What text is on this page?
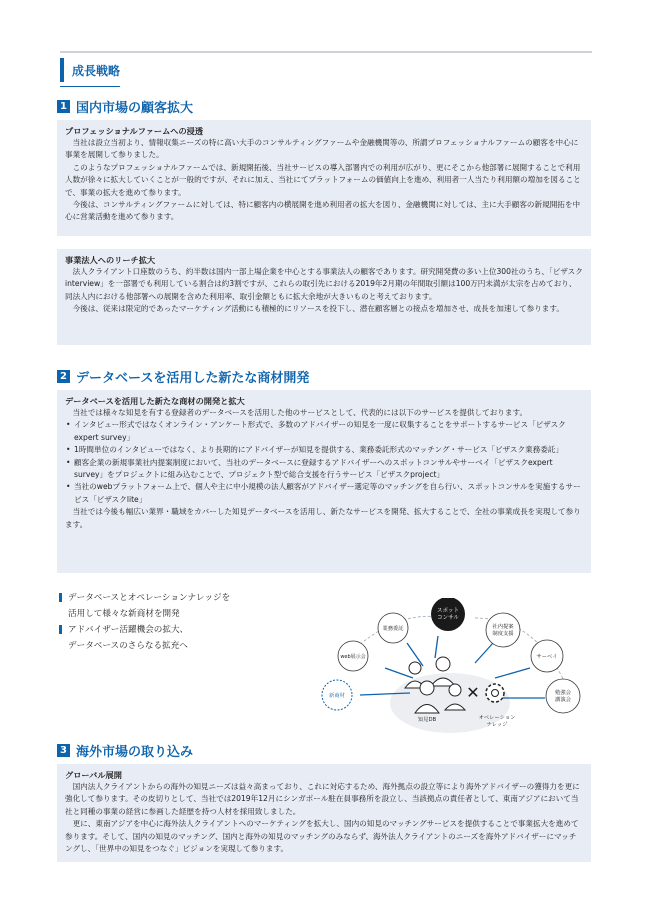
成長戦略
1 国内市場の顧客拡大
プロフェッショナルファームへの浸透

当社は設立当初より、情報収集ニーズの特に高い大手のコンサルティングファームや金融機関等の、所謂プロフェッショナルファームの顧客を中心に事業を展開して参りました。

このようなプロフェッショナルファームでは、新規開拓後、当社サービスの導入部署内での利用が広がり、更にそこから他部署に展開することで利用人数が徐々に拡大していくことが一般的ですが、それに加え、当社にてプラットフォームの価値向上を進め、利用者一人当たり利用額の増加を図ることで、事業の拡大を進めて参ります。

今後は、コンサルティングファームに対しては、特に顧客内の横展開を進め利用者の拡大を図り、金融機関に対しては、主に大手顧客の新規開拓を中心に営業活動を進めて参ります。

事業法人へのリーチ拡大

法人クライアント口座数のうち、約半数は国内一部上場企業を中心とする事業法人の顧客であります。研究開発費の多い上位300社のうち、「ビザスクinterview」を一部署でも利用している割合は約3割ですが、これらの取引先における2019年2月期の年間取引額は100万円未満が太宗を占めており、同法人内における他部署への展開を含めた利用率、取引金額ともに拡大余地が大きいものと考えております。

今後は、従来は限定的であったマーケティング活動にも積極的にリソースを投下し、潜在顧客層との接点を増加させ、成長を加速して参ります。

2 データベースを活用した新たな商材開発
データベースを活用した新たな商材の開発と拡大

当社では様々な知見を有する登録者のデータベースを活用した他のサービスとして、代表的には以下のサービスを提供しております。

• インタビュー形式ではなくオンライン・アンケート形式で、多数のアドバイザーの知見を一度に収集することをサポートするサービス「ビザスクexpert survey」
• 1時間単位のインタビューではなく、より長期的にアドバイザーが知見を提供する、業務委託形式のマッチング・サービス「ビザスク業務委託」
• 顧客企業の新規事業社内提案制度において、当社のデータベースに登録するアドバイザーへのスポットコンサルやサーベイ「ビザスクexpert survey」をプロジェクトに組み込むことで、プロジェクト型で総合支援を行うサービス「ビザスクproject」
• 当社のwebプラットフォーム上で、個人や主に中小規模の法人顧客がアドバイザー選定等のマッチングを自ら行い、スポットコンサルを実施するサービス「ビザスクlite」

当社では今後も幅広い業界・職域をカバーした知見データベースを活用し、新たなサービスを開発、拡大することで、全社の事業成長を実現して参ります。

データベースとオペレーションナレッジを
活用して様々な新商材を開発
アドバイザー活躍機会の拡大、
データベースのさらなる拡充へ
スポット
コンサル
業務委託	社内提案
制度支援
web展示会	サーベイ
新商材	勉強会
講演会
知見DB
✕
オペレーション
ナレッジ
3 海外市場の取り込み
グローバル展開

国内法人クライアントからの海外の知見ニーズは益々高まっており、これに対応するため、海外拠点の設立等により海外アドバイザーの獲得力を更に強化して参ります。その皮切りとして、当社では2019年12月にシンガポール駐在員事務所を設立し、当該拠点の責任者として、東南アジアにおいて当社と同種の事業の経営に参画した経歴を持つ人材を採用致しました。

更に、東南アジアを中心に海外法人クライアントへのマーケティングを拡大し、国内の知見のマッチングサービスを提供することで事業拡大を進めて参ります。そして、国内の知見のマッチング、国内と海外の知見のマッチングのみならず、海外法人クライアントのニーズを海外アドバイザーにマッチングし、「世界中の知見をつなぐ」ビジョンを実現して参ります。
